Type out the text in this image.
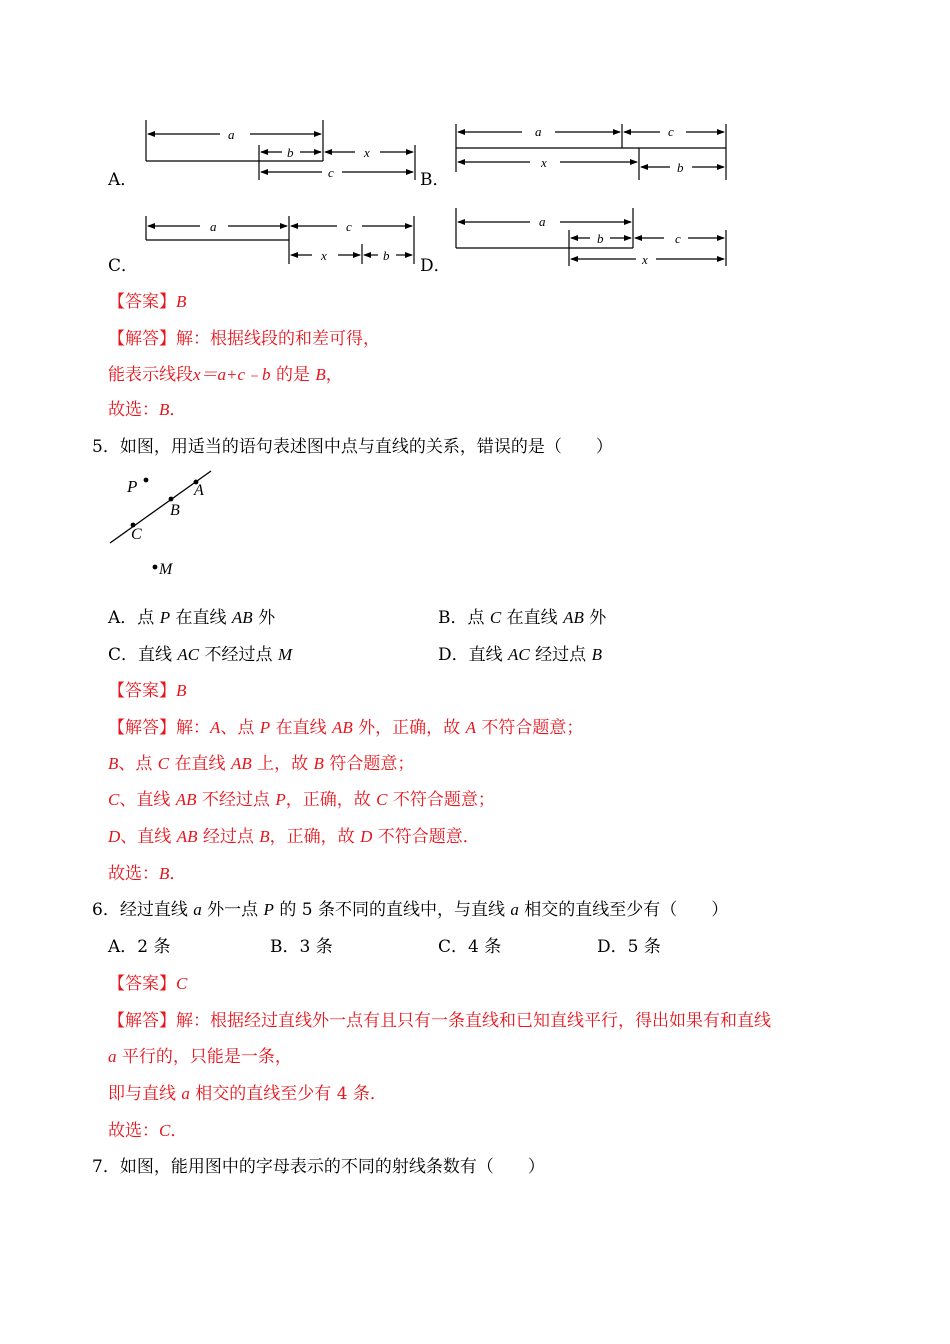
A．	B．
C．	D．
a
b	x
c
a	c
x	b
a	c
x	b
a
b	c
x
【答案】B
【解答】解：根据线段的和差可得，
能表示线段x＝a+c﹣b 的是 B，
故选：B．
5．如图，用适当的语句表述图中点与直线的关系，错误的是（　　）
P	A
B
C
M
A．点 P 在直线 AB 外	B．点 C 在直线 AB 外
C．直线 AC 不经过点 M	D．直线 AC 经过点 B
【答案】B
【解答】解：A、点 P 在直线 AB 外，正确，故 A 不符合题意；
B、点 C 在直线 AB 上，故 B 符合题意；
C、直线 AB 不经过点 P，正确，故 C 不符合题意；
D、直线 AB 经过点 B，正确，故 D 不符合题意．
故选：B．
6．经过直线 a 外一点 P 的 5 条不同的直线中，与直线 a 相交的直线至少有（　　）
A．2 条	B．3 条	C．4 条	D．5 条
【答案】C
【解答】解：根据经过直线外一点有且只有一条直线和已知直线平行，得出如果有和直线
a 平行的，只能是一条，
即与直线 a 相交的直线至少有 4 条．
故选：C．
7．如图，能用图中的字母表示的不同的射线条数有（　　）
